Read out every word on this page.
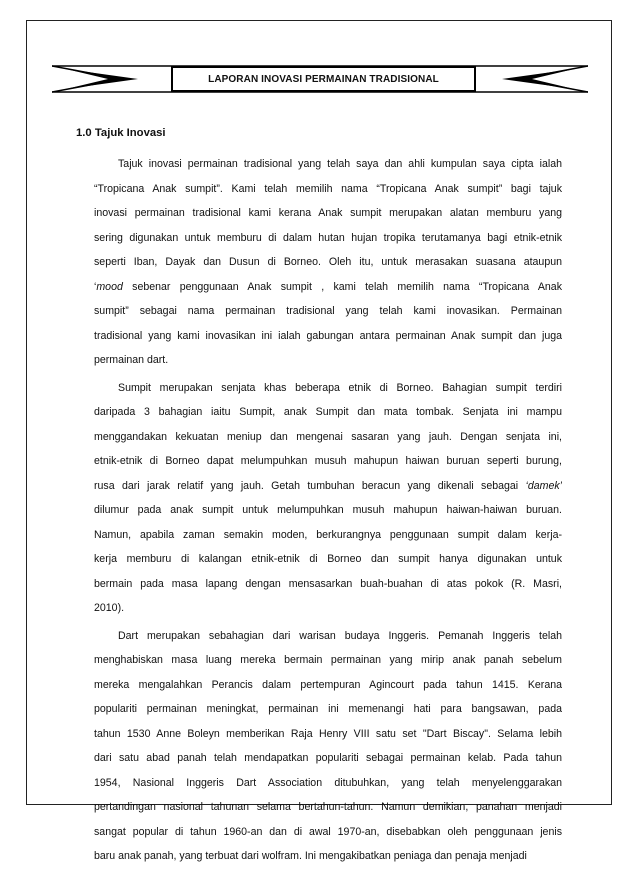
LAPORAN INOVASI PERMAINAN TRADISIONAL
1.0 Tajuk Inovasi
Tajuk inovasi permainan tradisional yang telah saya dan ahli kumpulan saya cipta ialah
“Tropicana Anak sumpit”. Kami telah memilih nama “Tropicana Anak sumpit” bagi tajuk
inovasi permainan tradisional kami kerana Anak sumpit merupakan alatan memburu yang
sering digunakan untuk memburu di dalam hutan hujan tropika terutamanya bagi etnik-etnik
seperti Iban, Dayak dan Dusun di Borneo. Oleh itu, untuk merasakan suasana ataupun
‘mood sebenar penggunaan Anak sumpit , kami telah memilih nama “Tropicana Anak
sumpit” sebagai nama permainan tradisional yang telah kami inovasikan. Permainan
tradisional yang kami inovasikan ini ialah gabungan antara permainan Anak sumpit dan juga
permainan dart.
Sumpit merupakan senjata khas beberapa etnik di Borneo. Bahagian sumpit terdiri
daripada 3 bahagian iaitu Sumpit, anak Sumpit dan mata tombak. Senjata ini mampu
menggandakan kekuatan meniup dan mengenai sasaran yang jauh. Dengan senjata ini,
etnik-etnik di Borneo dapat melumpuhkan musuh mahupun haiwan buruan seperti burung,
rusa dari jarak relatif yang jauh. Getah tumbuhan beracun yang dikenali sebagai ‘damek’
dilumur pada anak sumpit untuk melumpuhkan musuh mahupun haiwan-haiwan buruan.
Namun, apabila zaman semakin moden, berkurangnya penggunaan sumpit dalam kerja-
kerja memburu di kalangan etnik-etnik di Borneo dan sumpit hanya digunakan untuk
bermain pada masa lapang dengan mensasarkan buah-buahan di atas pokok (R. Masri,
2010).
Dart merupakan sebahagian dari warisan budaya Inggeris. Pemanah Inggeris telah
menghabiskan masa luang mereka bermain permainan yang mirip anak panah sebelum
mereka mengalahkan Perancis dalam pertempuran Agincourt pada tahun 1415. Kerana
populariti permainan meningkat, permainan ini memenangi hati para bangsawan, pada
tahun 1530 Anne Boleyn memberikan Raja Henry VIII satu set "Dart Biscay". Selama lebih
dari satu abad panah telah mendapatkan populariti sebagai permainan kelab. Pada tahun
1954, Nasional Inggeris Dart Association ditubuhkan, yang telah menyelenggarakan
pertandingan nasional tahunan selama bertahun-tahun. Namun demikian, panahan menjadi
sangat popular di tahun 1960-an dan di awal 1970-an, disebabkan oleh penggunaan jenis
baru anak panah, yang terbuat dari wolfram. Ini mengakibatkan peniaga dan penaja menjadi
